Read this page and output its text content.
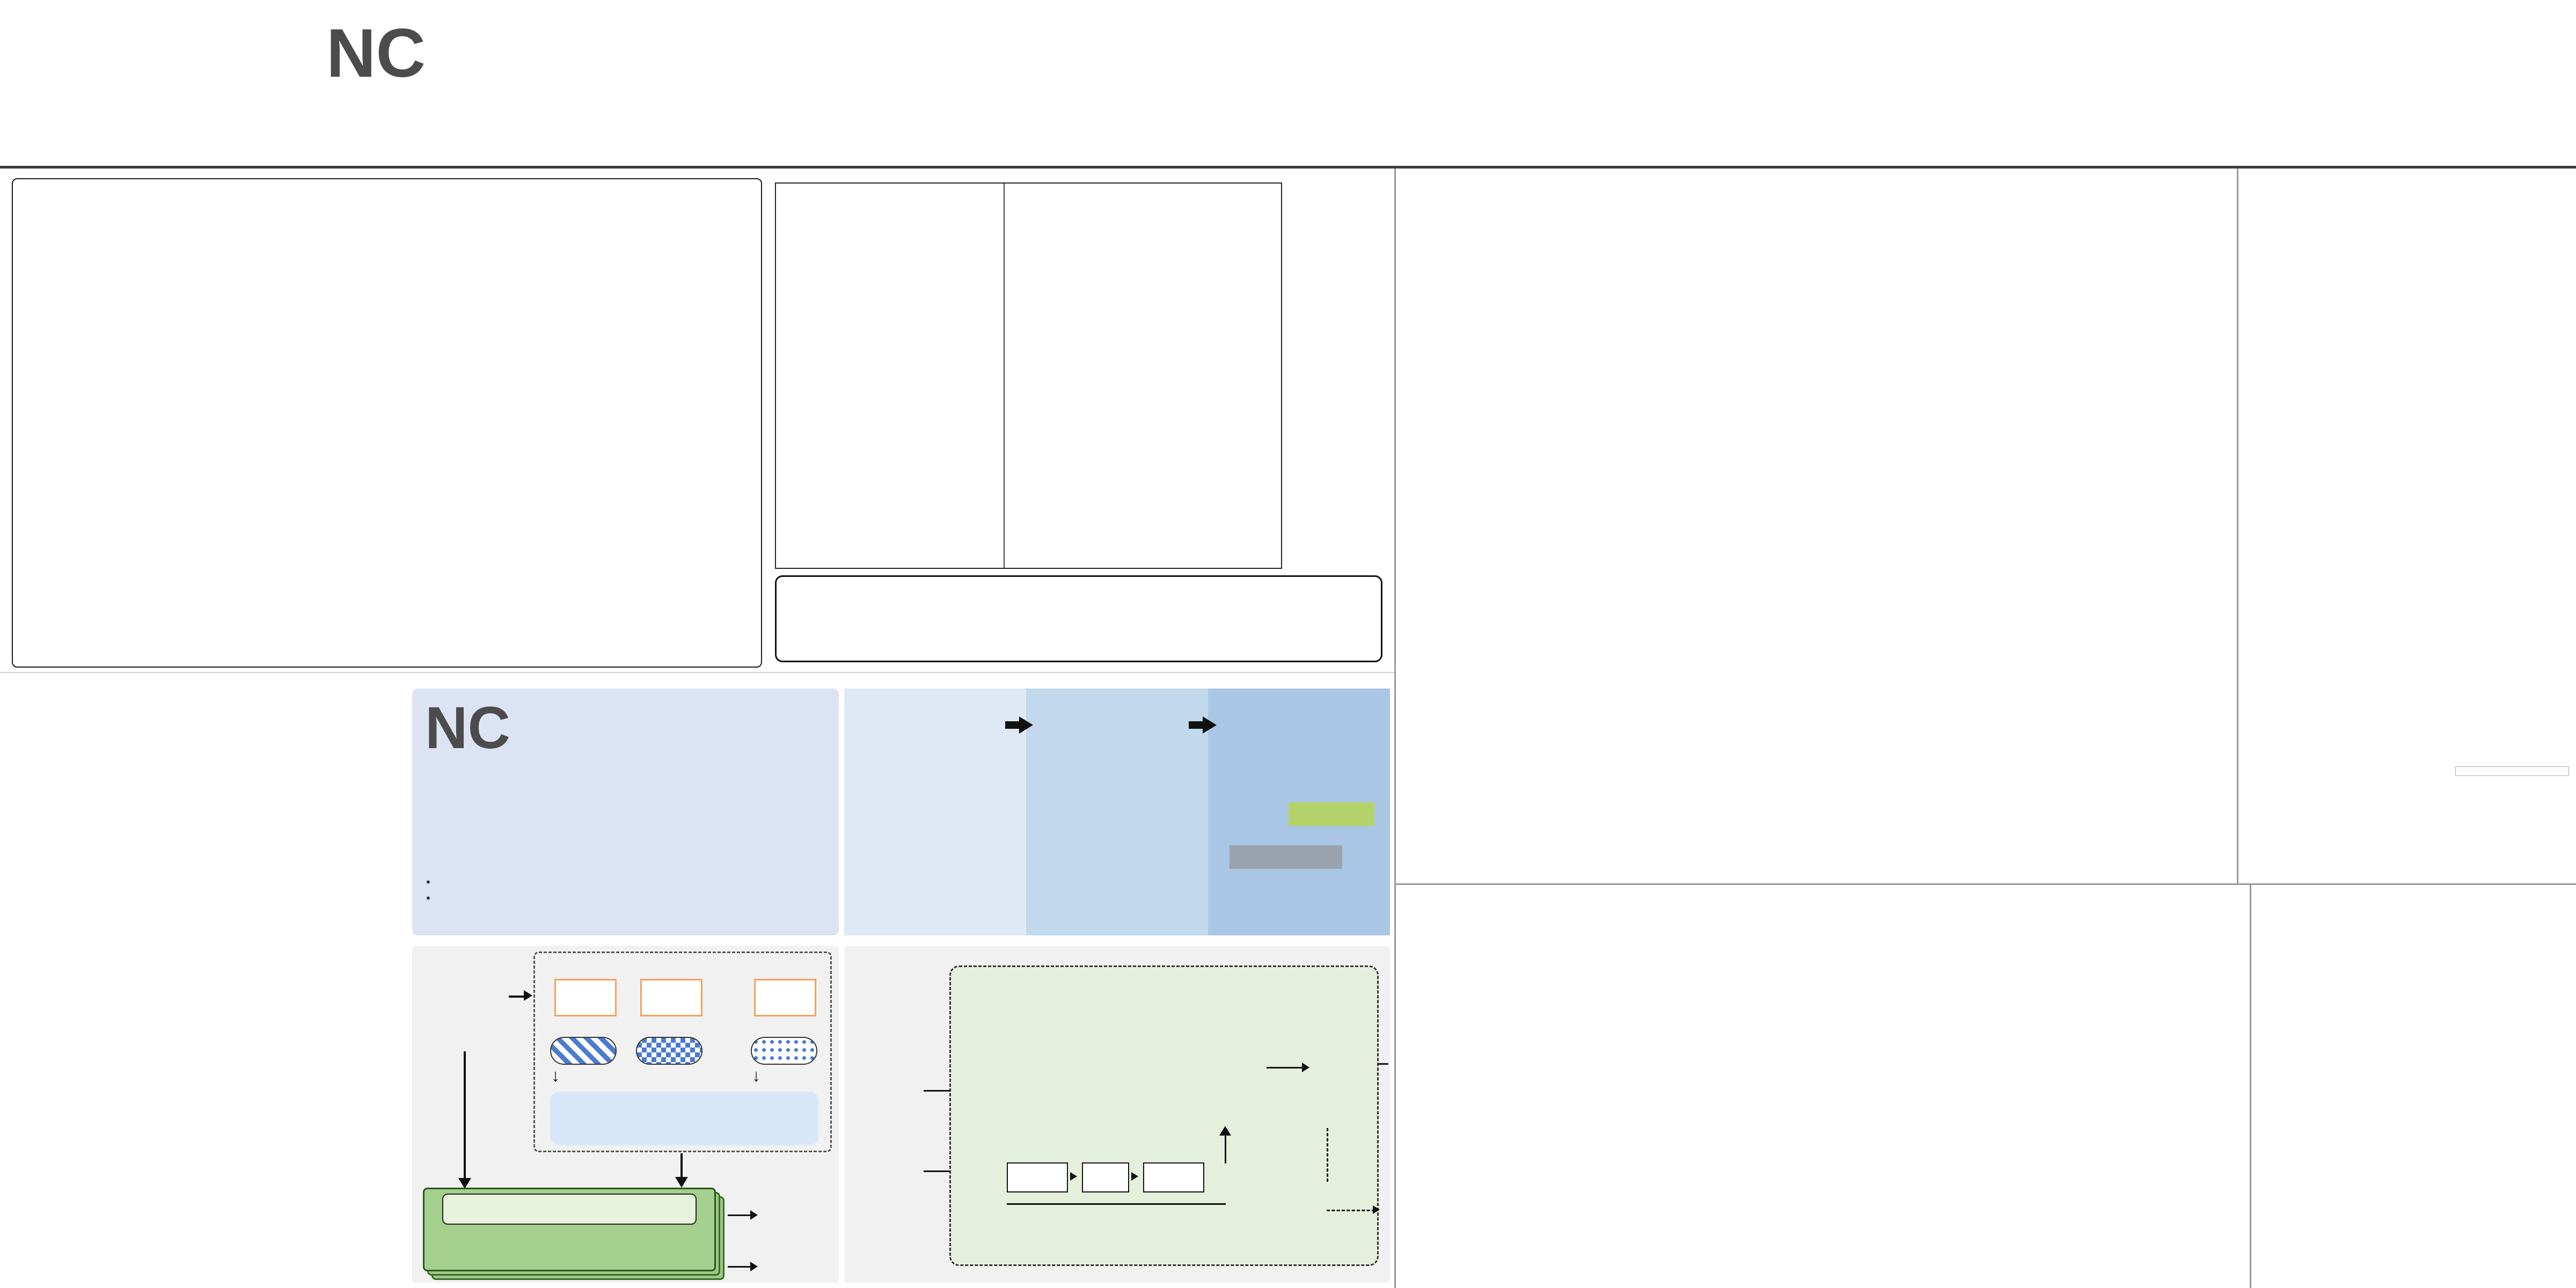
N C
N C
•
•

↓	↓
